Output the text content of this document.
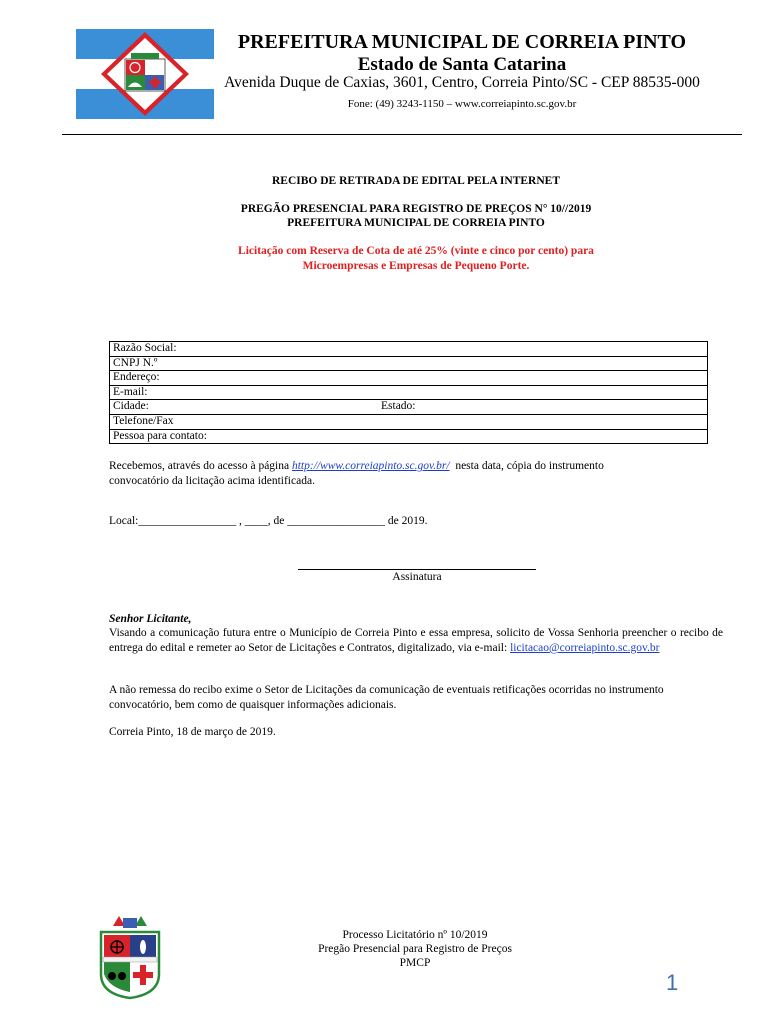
PREFEITURA MUNICIPAL DE CORREIA PINTO
Estado de Santa Catarina
Avenida Duque de Caxias, 3601, Centro, Correia Pinto/SC - CEP 88535-000
Fone: (49) 3243-1150 – www.correiapinto.sc.gov.br
RECIBO DE RETIRADA DE EDITAL PELA INTERNET
PREGÃO PRESENCIAL PARA REGISTRO DE PREÇOS N° 10//2019
PREFEITURA MUNICIPAL DE CORREIA PINTO
Licitação com Reserva de Cota de até 25% (vinte e cinco por cento) para
Microempresas e Empresas de Pequeno Porte.
Razão Social:
CNPJ N.º
Endereço:
E-mail:
Cidade:	Estado:

Telefone/Fax
Pessoa para contato:
Recebemos, através do acesso à página http://www.correiapinto.sc.gov.br/  nesta data, cópia do instrumento
convocatório da licitação acima identificada.
Local:_________________ , ____, de _________________ de 2019.
Assinatura
Senhor Licitante,
Visando a comunicação futura entre o Município de Correia Pinto e essa empresa, solicito de Vossa Senhoria preencher o recibo de entrega do edital e remeter ao Setor de Licitações e Contratos, digitalizado, via e-mail: licitacao@correiapinto.sc.gov.br
A não remessa do recibo exime o Setor de Licitações da comunicação de eventuais retificações ocorridas no instrumento convocatório, bem como de quaisquer informações adicionais.
Correia Pinto, 18 de março de 2019.
Processo Licitatório nº 10/2019
Pregão Presencial para Registro de Preços
PMCP
1
